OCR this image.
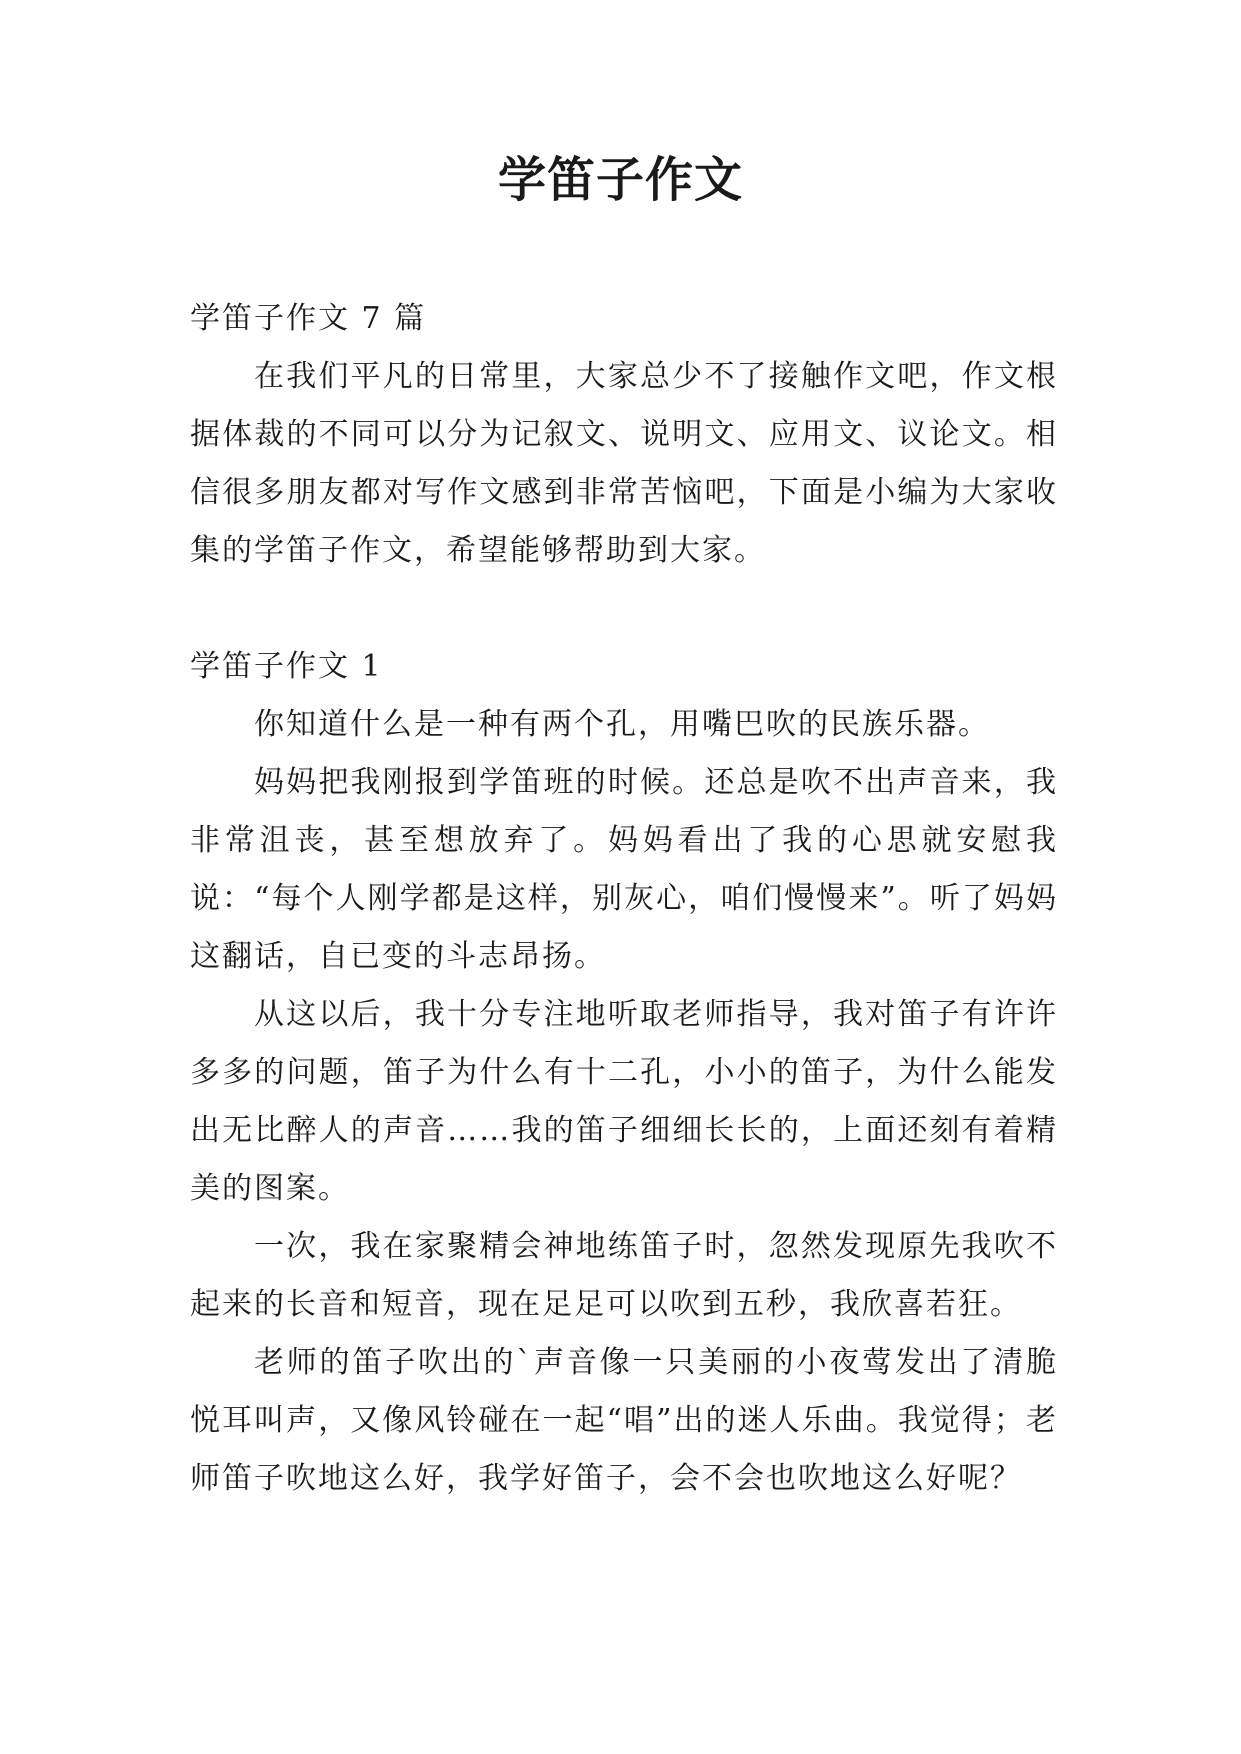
学笛子作文

学笛子作文 7 篇

在我们平凡的日常里，大家总少不了接触作文吧，作文根据体裁的不同可以分为记叙文、说明文、应用文、议论文。相信很多朋友都对写作文感到非常苦恼吧，下面是小编为大家收集的学笛子作文，希望能够帮助到大家。

学笛子作文 1

你知道什么是一种有两个孔，用嘴巴吹的民族乐器。

妈妈把我刚报到学笛班的时候。还总是吹不出声音来，我非常沮丧，甚至想放弃了。妈妈看出了我的心思就安慰我说：“每个人刚学都是这样，别灰心，咱们慢慢来”。听了妈妈这翻话，自已变的斗志昂扬。

从这以后，我十分专注地听取老师指导，我对笛子有许许多多的问题，笛子为什么有十二孔，小小的笛子，为什么能发出无比醉人的声音……我的笛子细细长长的，上面还刻有着精美的图案。

一次，我在家聚精会神地练笛子时，忽然发现原先我吹不起来的长音和短音，现在足足可以吹到五秒，我欣喜若狂。

老师的笛子吹出的`声音像一只美丽的小夜莺发出了清脆悦耳叫声，又像风铃碰在一起“唱”出的迷人乐曲。我觉得；老师笛子吹地这么好，我学好笛子，会不会也吹地这么好呢？
